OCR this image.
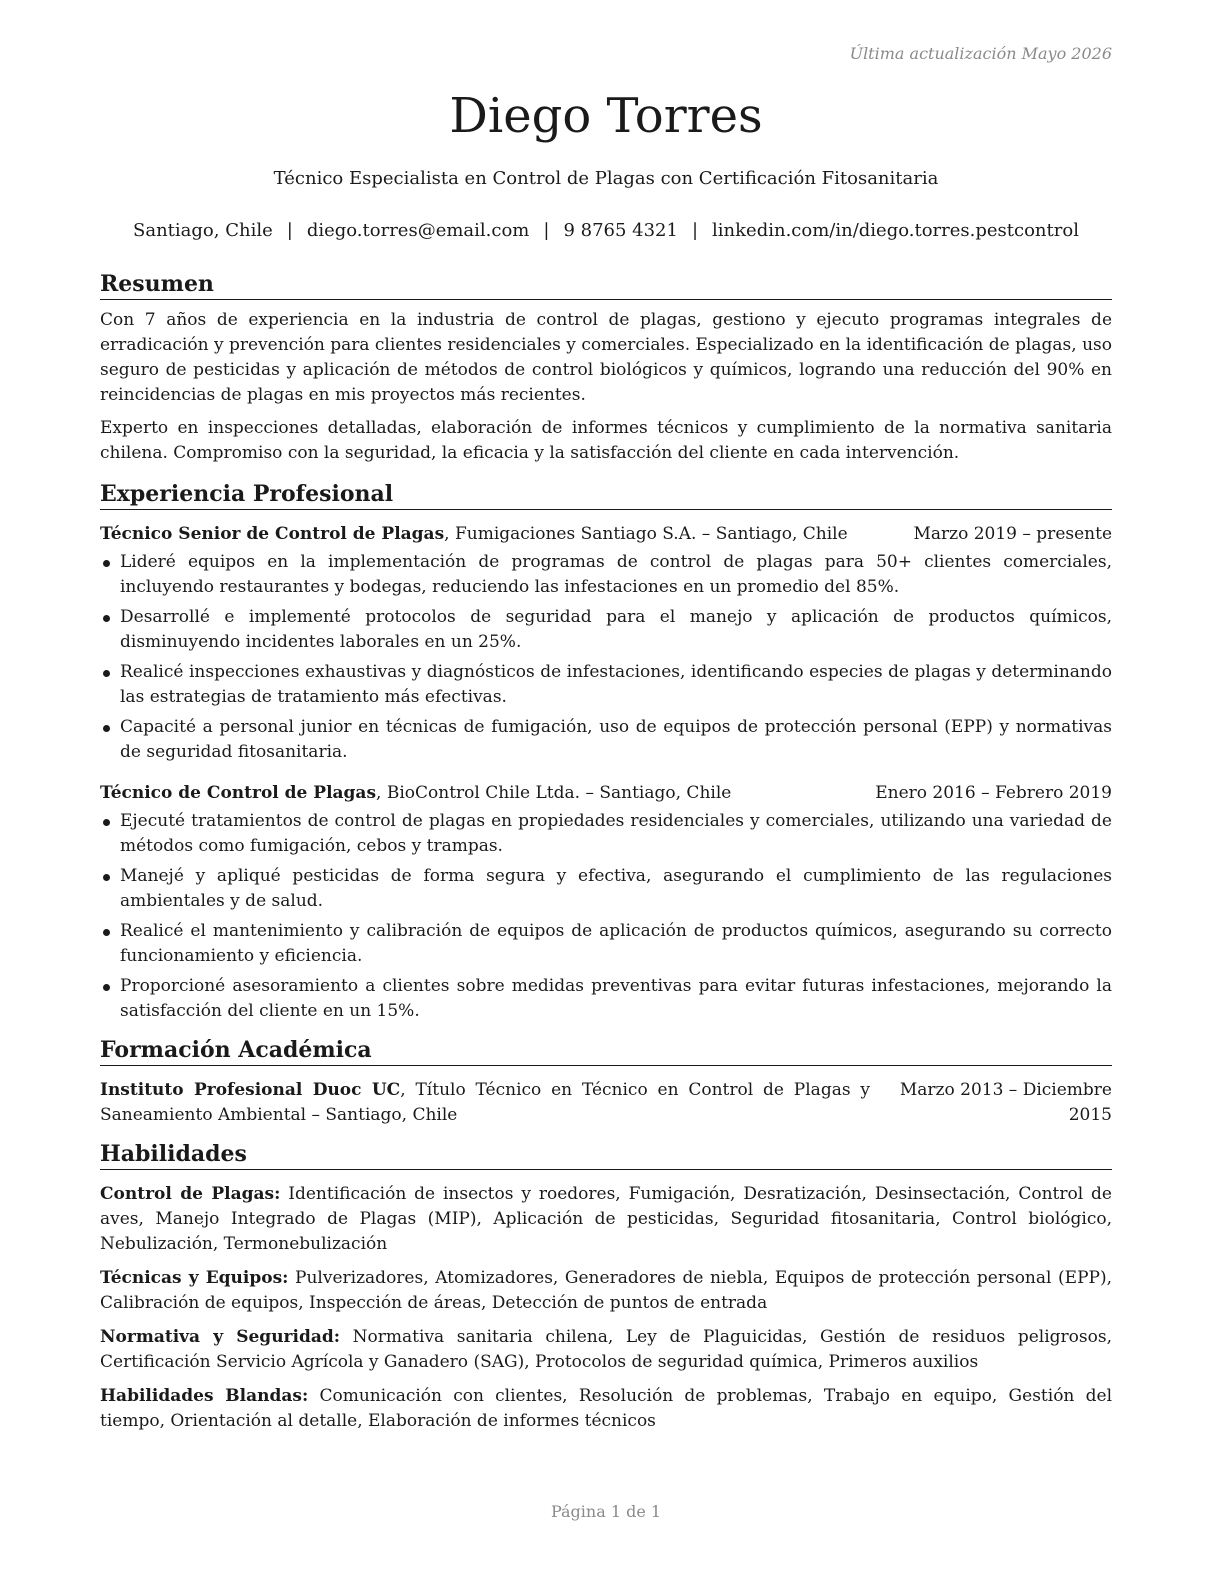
Última actualización Mayo 2026
Diego Torres
Técnico Especialista en Control de Plagas con Certificación Fitosanitaria
Santiago, Chile | diego.torres@email.com | 9 8765 4321 | linkedin.com/in/diego.torres.pestcontrol
Resumen

Con 7 años de experiencia en la industria de control de plagas, gestiono y ejecuto programas integrales de erradicación y prevención para clientes residenciales y comerciales. Especializado en la identificación de plagas, uso seguro de pesticidas y aplicación de métodos de control biológicos y químicos, logrando una reducción del 90% en reincidencias de plagas en mis proyectos más recientes.

Experto en inspecciones detalladas, elaboración de informes técnicos y cumplimiento de la normativa sanitaria chilena. Compromiso con la seguridad, la eficacia y la satisfacción del cliente en cada intervención.

Experiencia Profesional
Técnico Senior de Control de Plagas, Fumigaciones Santiago S.A. – Santiago, Chile	Marzo 2019 – presente
Lideré equipos en la implementación de programas de control de plagas para 50+ clientes comerciales, incluyendo restaurantes y bodegas, reduciendo las infestaciones en un promedio del 85%.
Desarrollé e implementé protocolos de seguridad para el manejo y aplicación de productos químicos, disminuyendo incidentes laborales en un 25%.
Realicé inspecciones exhaustivas y diagnósticos de infestaciones, identificando especies de plagas y determinando las estrategias de tratamiento más efectivas.
Capacité a personal junior en técnicas de fumigación, uso de equipos de protección personal (EPP) y normativas de seguridad fitosanitaria.
Técnico de Control de Plagas, BioControl Chile Ltda. – Santiago, Chile	Enero 2016 – Febrero 2019
Ejecuté tratamientos de control de plagas en propiedades residenciales y comerciales, utilizando una variedad de métodos como fumigación, cebos y trampas.
Manejé y apliqué pesticidas de forma segura y efectiva, asegurando el cumplimiento de las regulaciones ambientales y de salud.
Realicé el mantenimiento y calibración de equipos de aplicación de productos químicos, asegurando su correcto funcionamiento y eficiencia.
Proporcioné asesoramiento a clientes sobre medidas preventivas para evitar futuras infestaciones, mejorando la satisfacción del cliente en un 15%.
Formación Académica
Instituto Profesional Duoc UC, Título Técnico en Técnico en Control de Plagas y Saneamiento Ambiental – Santiago, Chile
Marzo 2013 – Diciembre 2015
Habilidades
Control de Plagas: Identificación de insectos y roedores, Fumigación, Desratización, Desinsectación, Control de aves, Manejo Integrado de Plagas (MIP), Aplicación de pesticidas, Seguridad fitosanitaria, Control biológico, Nebulización, Termonebulización
Técnicas y Equipos: Pulverizadores, Atomizadores, Generadores de niebla, Equipos de protección personal (EPP), Calibración de equipos, Inspección de áreas, Detección de puntos de entrada
Normativa y Seguridad: Normativa sanitaria chilena, Ley de Plaguicidas, Gestión de residuos peligrosos, Certificación Servicio Agrícola y Ganadero (SAG), Protocolos de seguridad química, Primeros auxilios
Habilidades Blandas: Comunicación con clientes, Resolución de problemas, Trabajo en equipo, Gestión del tiempo, Orientación al detalle, Elaboración de informes técnicos
Página 1 de 1
